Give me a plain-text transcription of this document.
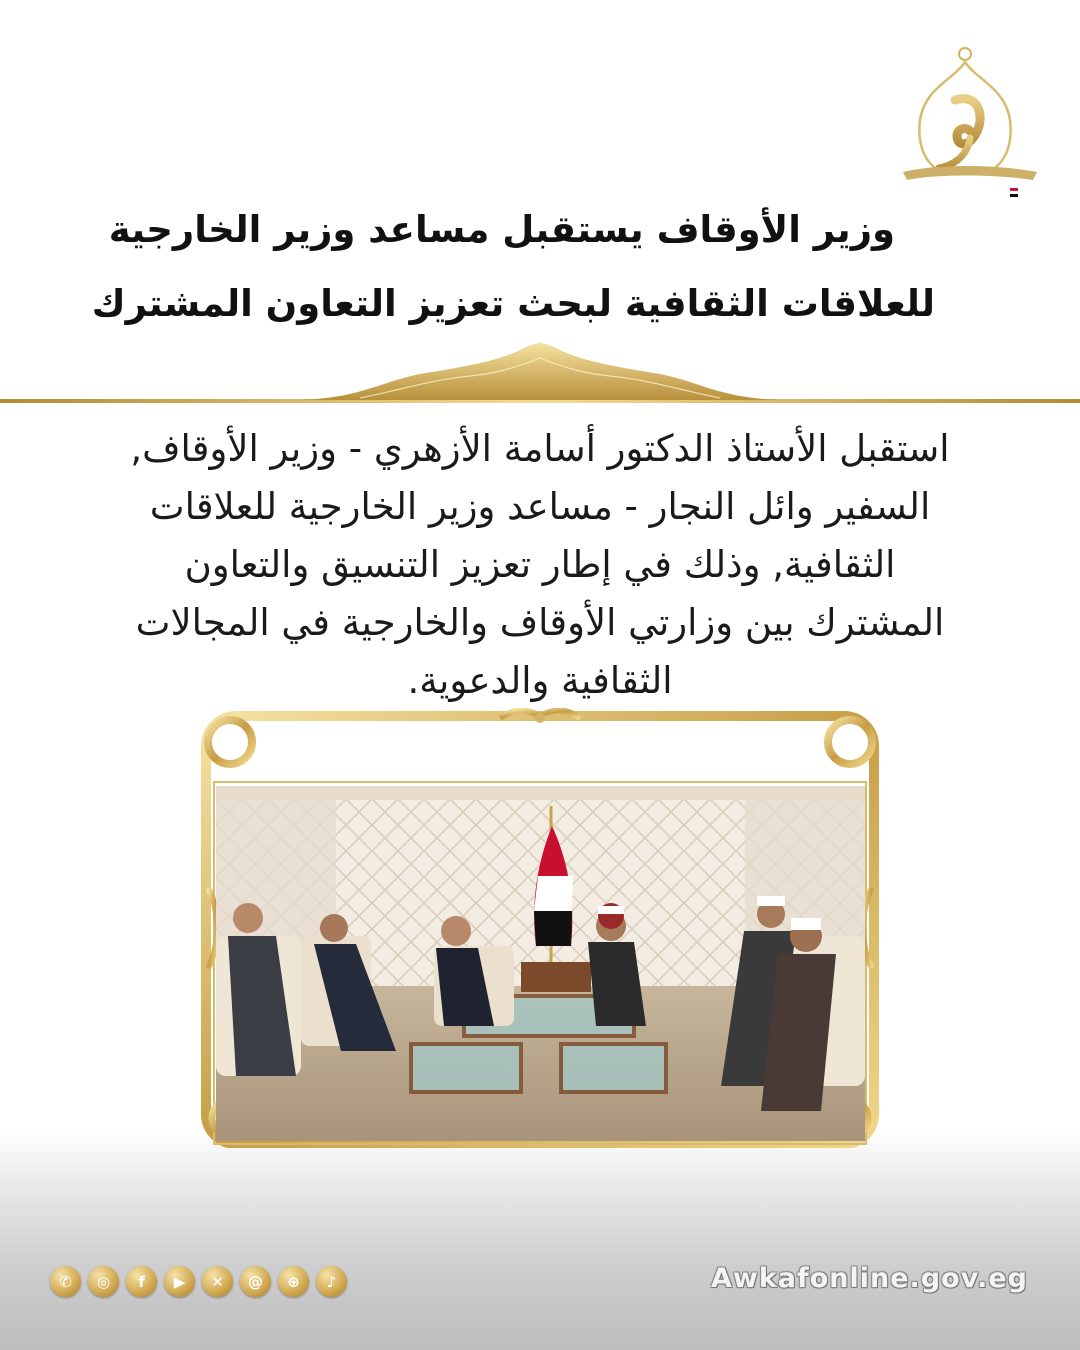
وزير الأوقاف يستقبل مساعد وزير الخارجية
للعلاقات الثقافية لبحث تعزيز التعاون المشترك
استقبل الأستاذ الدكتور أسامة الأزهري - وزير الأوقاف,
السفير وائل النجار - مساعد وزير الخارجية للعلاقات
الثقافية, وذلك في إطار تعزيز التنسيق والتعاون
المشترك بين وزارتي الأوقاف والخارجية في المجالات
الثقافية والدعوية.
✆	◎	f	▶	✕	@	⊕	♪	Awkafonline.gov.eg
